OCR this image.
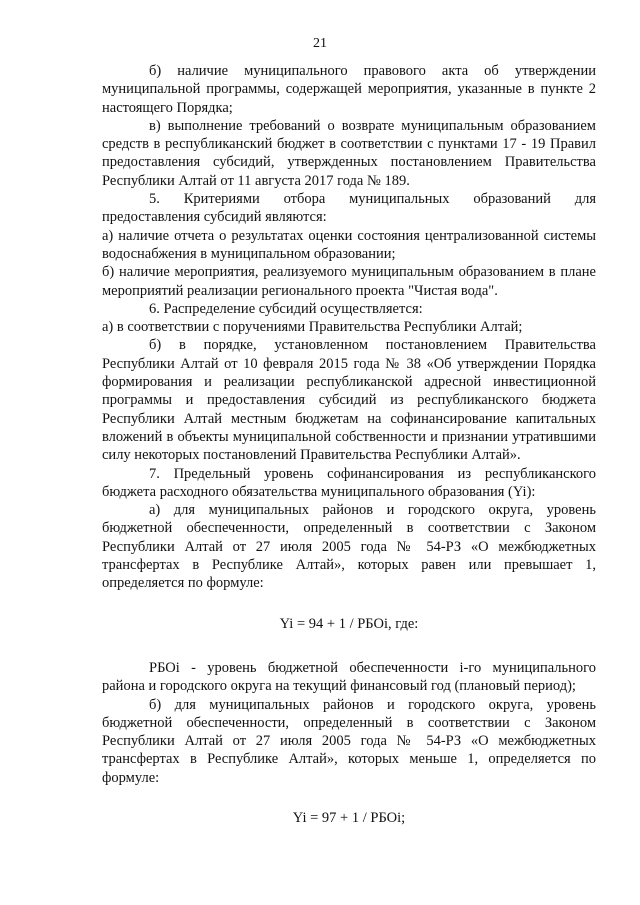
21

б) наличие муниципального правового акта об утверждении муниципальной программы, содержащей мероприятия, указанные в пункте 2 настоящего Порядка;

в) выполнение требований о возврате муниципальным образованием средств в республиканский бюджет в соответствии с пунктами 17 - 19 Правил предоставления субсидий, утвержденных постановлением Правительства Республики Алтай от 11 августа 2017 года № 189.

5. Критериями отбора муниципальных образований для предоставления субсидий являются:

а) наличие отчета о результатах оценки состояния централизованной системы водоснабжения в муниципальном образовании;

б) наличие мероприятия, реализуемого муниципальным образованием в плане мероприятий реализации регионального проекта "Чистая вода".

6. Распределение субсидий осуществляется:

а) в соответствии с поручениями Правительства Республики Алтай;

б) в порядке, установленном постановлением Правительства Республики Алтай от 10 февраля 2015 года № 38 «Об утверждении Порядка формирования и реализации республиканской адресной инвестиционной программы и предоставления субсидий из республиканского бюджета Республики Алтай местным бюджетам на софинансирование капитальных вложений в объекты муниципальной собственности и признании утратившими силу некоторых постановлений Правительства Республики Алтай».

7. Предельный уровень софинансирования из республиканского бюджета расходного обязательства муниципального образования (Yi):

а) для муниципальных районов и городского округа, уровень бюджетной обеспеченности, определенный в соответствии с Законом Республики Алтай от 27 июля 2005 года № 54-РЗ «О межбюджетных трансфертах в Республике Алтай», которых равен или превышает 1, определяется по формуле:

Yi = 94 + 1 / РБОi, где:

РБОi - уровень бюджетной обеспеченности i-го муниципального района и городского округа на текущий финансовый год (плановый период);

б) для муниципальных районов и городского округа, уровень бюджетной обеспеченности, определенный в соответствии с Законом Республики Алтай от 27 июля 2005 года № 54-РЗ «О межбюджетных трансфертах в Республике Алтай», которых меньше 1, определяется по формуле:

Yi = 97 + 1 / РБОi;
